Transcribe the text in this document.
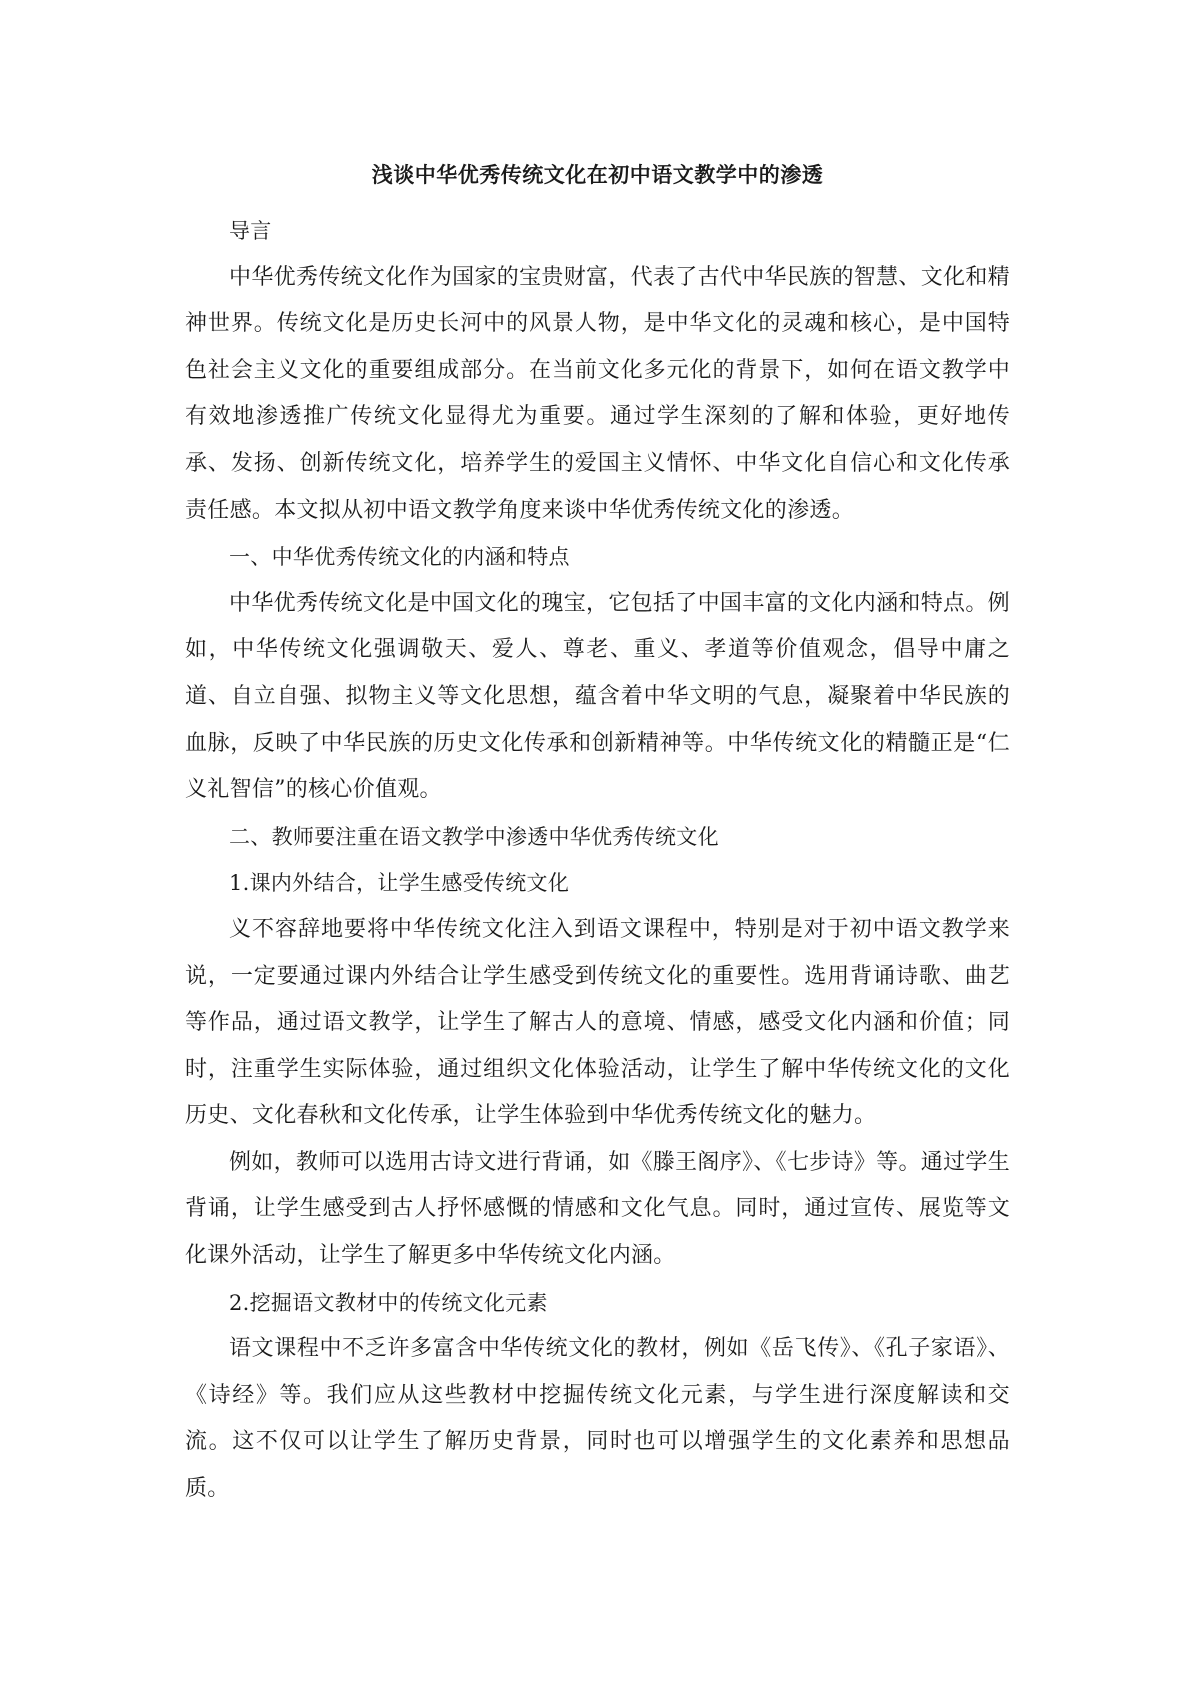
浅谈中华优秀传统文化在初中语文教学中的渗透

导言

中华优秀传统文化作为国家的宝贵财富，代表了古代中华民族的智慧、文化和精神世界。传统文化是历史长河中的风景人物，是中华文化的灵魂和核心，是中国特色社会主义文化的重要组成部分。在当前文化多元化的背景下，如何在语文教学中有效地渗透推广传统文化显得尤为重要。通过学生深刻的了解和体验，更好地传承、发扬、创新传统文化，培养学生的爱国主义情怀、中华文化自信心和文化传承责任感。本文拟从初中语文教学角度来谈中华优秀传统文化的渗透。

一、中华优秀传统文化的内涵和特点

中华优秀传统文化是中国文化的瑰宝，它包括了中国丰富的文化内涵和特点。例如，中华传统文化强调敬天、爱人、尊老、重义、孝道等价值观念，倡导中庸之道、自立自强、拟物主义等文化思想，蕴含着中华文明的气息，凝聚着中华民族的血脉，反映了中华民族的历史文化传承和创新精神等。中华传统文化的精髓正是“仁义礼智信”的核心价值观。

二、教师要注重在语文教学中渗透中华优秀传统文化

1.课内外结合，让学生感受传统文化

义不容辞地要将中华传统文化注入到语文课程中，特别是对于初中语文教学来说，一定要通过课内外结合让学生感受到传统文化的重要性。选用背诵诗歌、曲艺等作品，通过语文教学，让学生了解古人的意境、情感，感受文化内涵和价值；同时，注重学生实际体验，通过组织文化体验活动，让学生了解中华传统文化的文化历史、文化春秋和文化传承，让学生体验到中华优秀传统文化的魅力。

例如，教师可以选用古诗文进行背诵，如《滕王阁序》、《七步诗》等。通过学生背诵，让学生感受到古人抒怀感慨的情感和文化气息。同时，通过宣传、展览等文化课外活动，让学生了解更多中华传统文化内涵。

2.挖掘语文教材中的传统文化元素

语文课程中不乏许多富含中华传统文化的教材，例如《岳飞传》、《孔子家语》、《诗经》等。我们应从这些教材中挖掘传统文化元素，与学生进行深度解读和交流。这不仅可以让学生了解历史背景，同时也可以增强学生的文化素养和思想品质。
